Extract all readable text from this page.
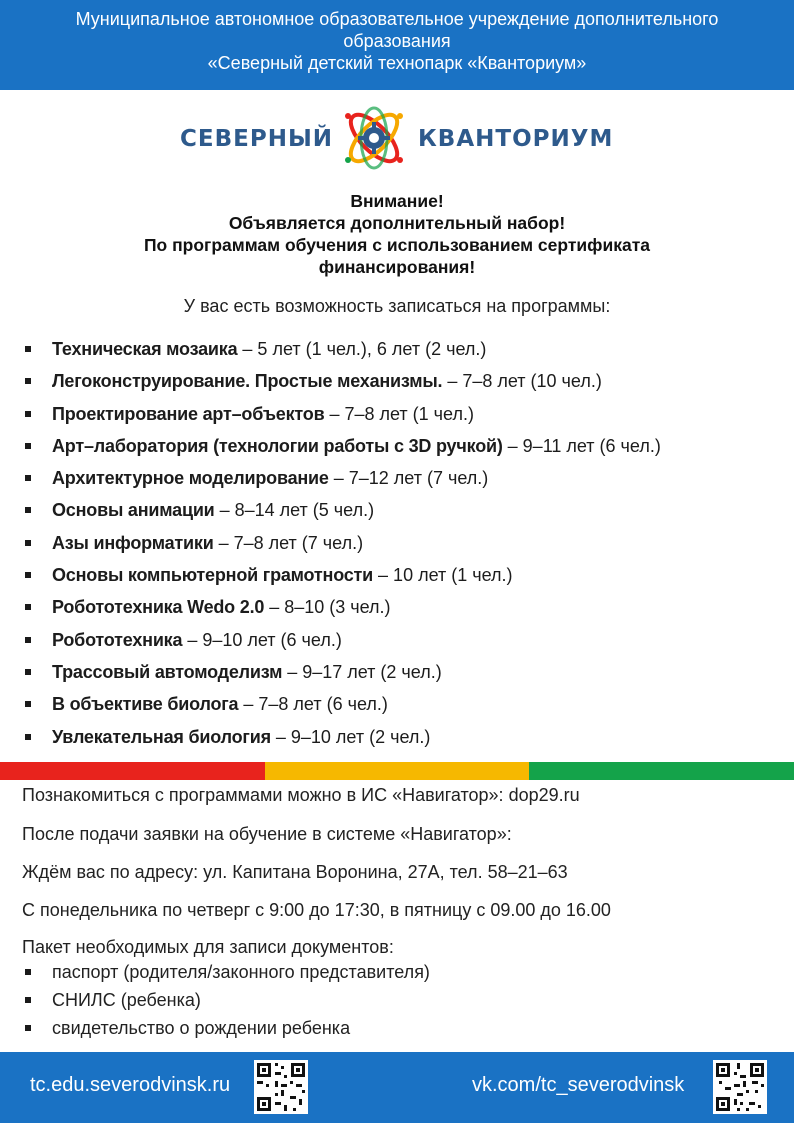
Муниципальное автономное образовательное учреждение дополнительного
образования
«Северный детский технопарк «Кванториум»
СЕВЕРНЫЙ	КВАНТОРИУМ
Внимание!
Объявляется дополнительный набор!
По программам обучения с использованием сертификата
финансирования!
У вас есть возможность записаться на программы:
Техническая мозаика – 5 лет (1 чел.), 6 лет (2 чел.)
Легоконструирование. Простые механизмы. – 7–8 лет (10 чел.)
Проектирование арт–объектов – 7–8 лет (1 чел.)
Арт–лаборатория (технологии работы с 3D ручкой) – 9–11 лет (6 чел.)
Архитектурное моделирование – 7–12 лет (7 чел.)
Основы анимации – 8–14 лет (5 чел.)
Азы информатики – 7–8 лет (7 чел.)
Основы компьютерной грамотности – 10 лет (1 чел.)
Робототехника Wedo 2.0 – 8–10 (3 чел.)
Робототехника – 9–10 лет (6 чел.)
Трассовый автомоделизм – 9–17 лет (2 чел.)
В объективе биолога – 7–8 лет (6 чел.)
Увлекательная биология – 9–10 лет (2 чел.)
Познакомиться с программами можно в ИС «Навигатор»: dop29.ru
После подачи заявки на обучение в системе «Навигатор»:
Ждём вас по адресу: ул. Капитана Воронина, 27А, тел. 58–21–63
С понедельника по четверг с 9:00 до 17:30, в пятницу с 09.00 до 16.00
Пакет необходимых для записи документов:
паспорт (родителя/законного представителя)
СНИЛС (ребенка)
свидетельство о рождении ребенка
tc.edu.severodvinsk.ru	vk.com/tc_severodvinsk
